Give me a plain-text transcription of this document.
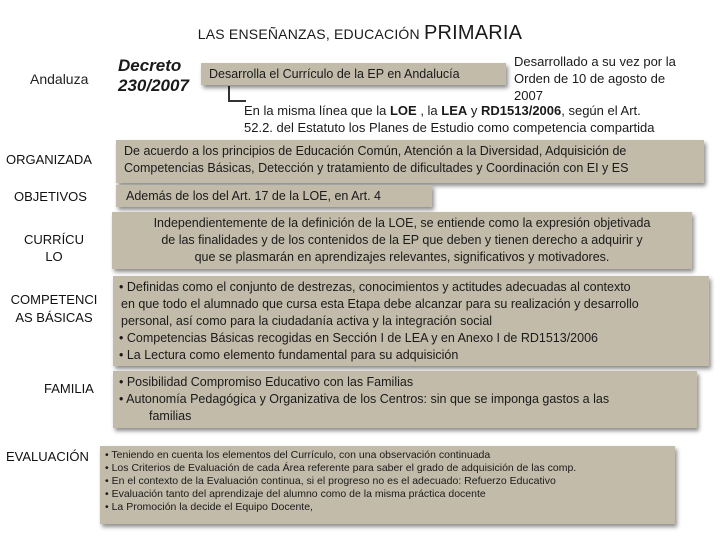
LAS ENSEÑANZAS, EDUCACIÓN PRIMARIA
Andaluza
ORGANIZADA
OBJETIVOS
CURRÍCU
LO
COMPETENCI
AS BÁSICAS
FAMILIA
EVALUACIÓN
Decreto
230/2007
Desarrolla el Currículo de la EP en Andalucía
Desarrollado a su vez por la
Orden de 10 de agosto de
2007
En la misma línea que la LOE , la LEA y RD1513/2006, según el Art.
52.2. del Estatuto los Planes de Estudio como competencia compartida
De acuerdo a los principios de Educación Común, Atención a la Diversidad, Adquisición de
Competencias Básicas, Detección y tratamiento de dificultades y Coordinación con EI y ES
Además de los del Art. 17 de la LOE, en Art. 4
Independientemente de la definición de la LOE, se entiende como la expresión objetivada
de las finalidades y de los contenidos de la EP que deben y tienen derecho a adquirir y
que se plasmarán en aprendizajes relevantes, significativos y motivadores.
• Definidas como el conjunto de destrezas, conocimientos y actitudes adecuadas al contexto
en que todo el alumnado que cursa esta Etapa debe alcanzar para su realización y desarrollo
personal, así como para la ciudadanía activa y la integración social
• Competencias Básicas recogidas en Sección I de LEA y en Anexo I de RD1513/2006
• La Lectura como elemento fundamental para su adquisición
• Posibilidad Compromiso Educativo con las Familias
• Autonomía Pedagógica y Organizativa de los Centros: sin que se imponga gastos a las
familias
• Teniendo en cuenta los elementos del Currículo, con una observación continuada
• Los Criterios de Evaluación de cada Área referente para saber el grado de adquisición de las comp.
• En el contexto de la Evaluación continua, si el progreso no es el adecuado: Refuerzo Educativo
• Evaluación tanto del aprendizaje del alumno como de la misma práctica docente
• La Promoción la decide el Equipo Docente,
